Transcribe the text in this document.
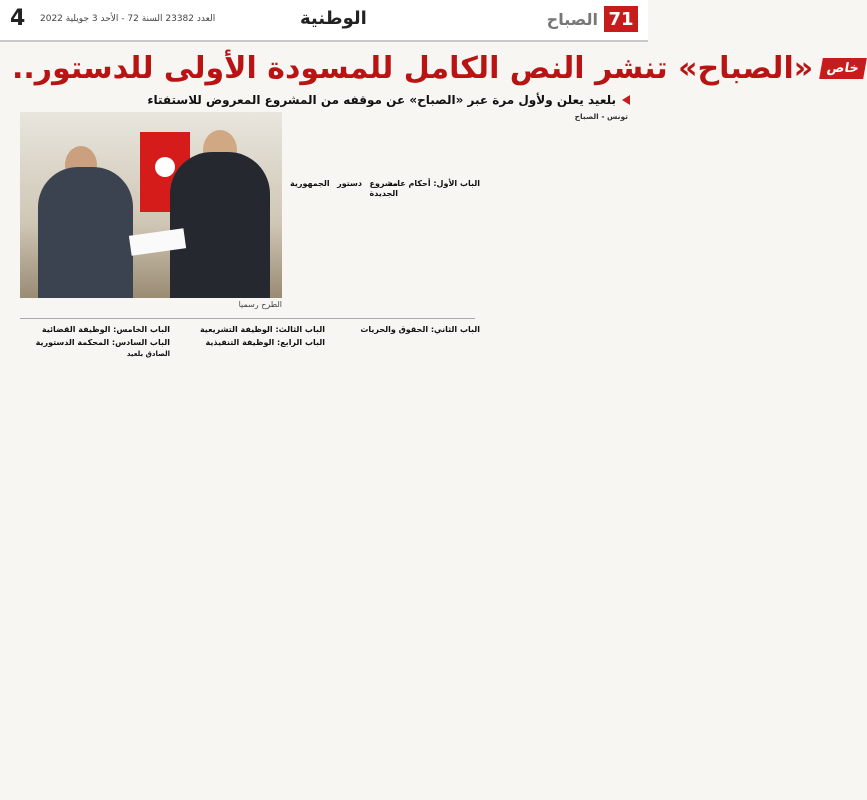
4 العدد 23382 السنة 72 - الأحد 3 جويلية 2022	الوطنية	71
الصباح
خاص
«الصباح» تنشر النص الكامل للمسودة الأولى للدستور..
بلعيد يعلن ولأول مرة عبر «الصباح» عن موقفه من المشروع المعروض للاستفتاء
الطرح رسميا
تونس - الصباح
مشروع دستور الجمهورية الجديدة
الباب الأول: أحكام عامة
الباب الخامس: الوظيفة القضائية
الباب السادس: المحكمة الدستورية
الصادق بلعيد
الباب الثالث: الوظيفة التشريعية
الباب الرابع: الوظيفة التنفيذية
الباب الثاني: الحقوق والحريات
